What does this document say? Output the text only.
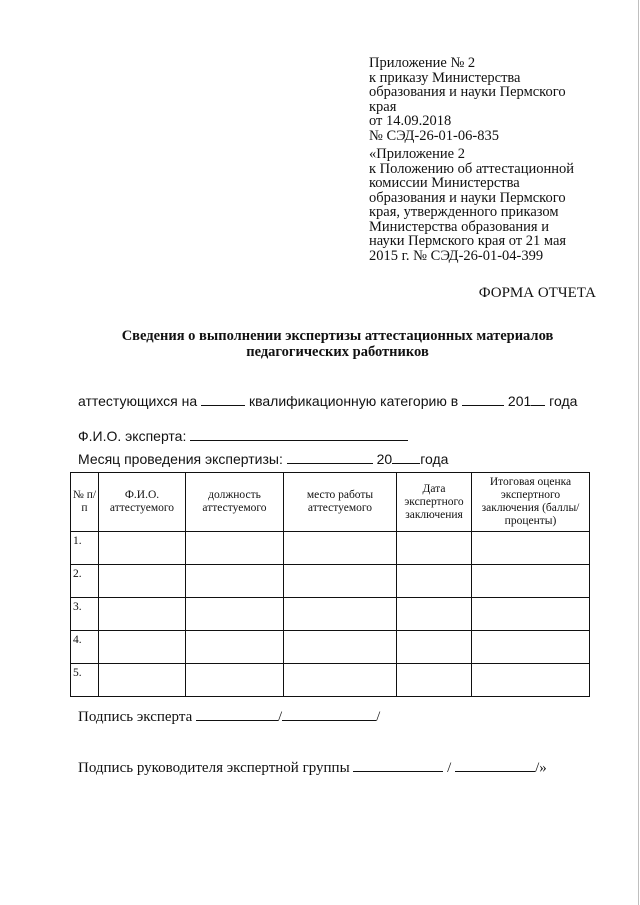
Приложение № 2
к приказу Министерства
образования и науки Пермского
края
от 14.09.2018
№ СЭД-26-01-06-835
«Приложение 2
к Положению об аттестационной
комиссии Министерства
образования и науки Пермского
края, утвержденного приказом
Министерства образования и
науки Пермского края от 21 мая
2015 г. № СЭД-26-01-04-399
ФОРМА ОТЧЕТА
Сведения о выполнении экспертизы аттестационных материалов
педагогических работников
аттестующихся на	квалификационную категорию в	201 года
Ф.И.О. эксперта:
Месяц проведения экспертизы:	20 года
№ п/п	Ф.И.О. аттестуемого	должность аттестуемого	место работы аттестуемого	Дата экспертного заключения	Итоговая оценка экспертного заключения (баллы/проценты)
1.					
2.					
3.					
4.					
5.					
Подпись эксперта	/	/
Подпись руководителя экспертной группы	/	/»
